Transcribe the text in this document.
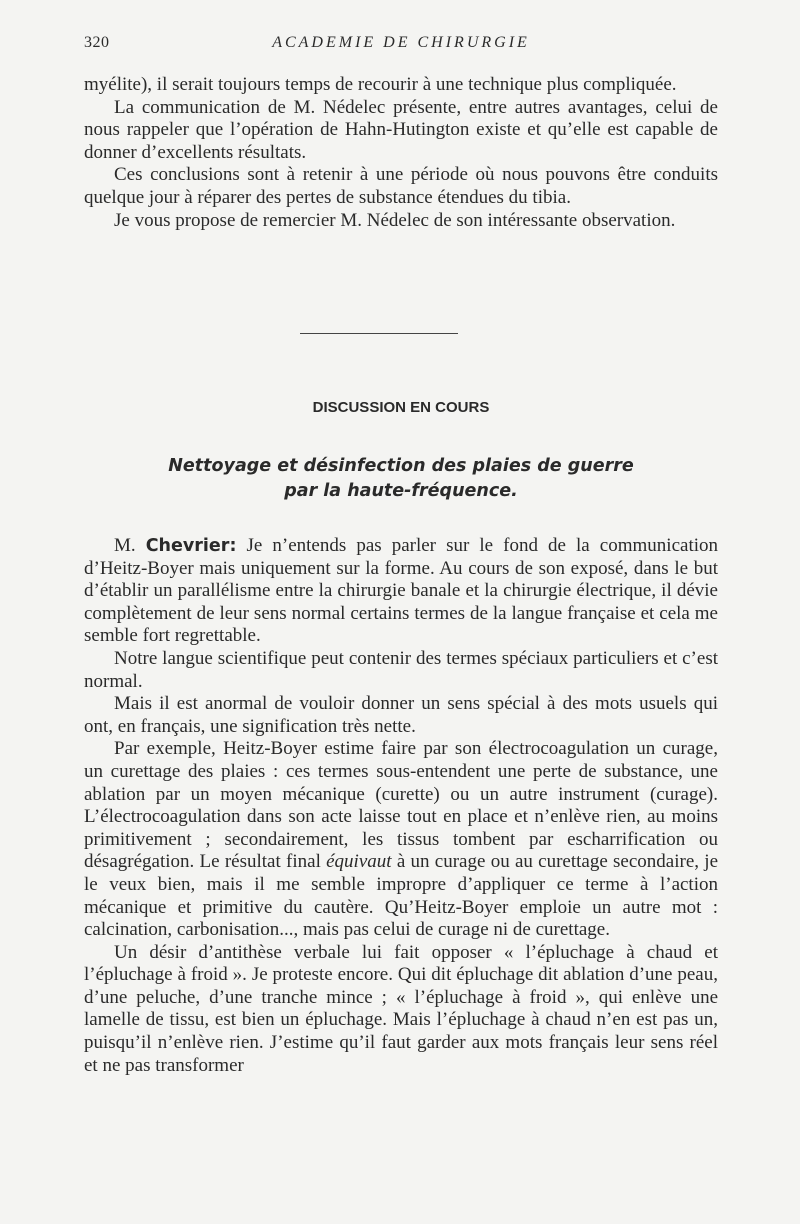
320	ACADEMIE DE CHIRURGIE

myélite), il serait toujours temps de recourir à une technique plus compliquée.

La communication de M. Nédelec présente, entre autres avantages, celui de nous rappeler que l’opération de Hahn-Hutington existe et qu’elle est capable de donner d’excellents résultats.

Ces conclusions sont à retenir à une période où nous pouvons être conduits quelque jour à réparer des pertes de substance étendues du tibia.

Je vous propose de remercier M. Nédelec de son intéressante observation.

DISCUSSION EN COURS
Nettoyage et désinfection des plaies de guerre
par la haute-fréquence.

M. Chevrier: Je n’entends pas parler sur le fond de la communication d’Heitz-Boyer mais uniquement sur la forme. Au cours de son exposé, dans le but d’établir un parallélisme entre la chirurgie banale et la chirurgie électrique, il dévie complètement de leur sens normal certains termes de la langue française et cela me semble fort regrettable.

Notre langue scientifique peut contenir des termes spéciaux particuliers et c’est normal.

Mais il est anormal de vouloir donner un sens spécial à des mots usuels qui ont, en français, une signification très nette.

Par exemple, Heitz-Boyer estime faire par son électrocoagulation un curage, un curettage des plaies : ces termes sous-entendent une perte de substance, une ablation par un moyen mécanique (curette) ou un autre instrument (curage). L’électrocoagulation dans son acte laisse tout en place et n’enlève rien, au moins primitivement ; secondairement, les tissus tombent par escharrification ou désagrégation. Le résultat final équivaut à un curage ou au curettage secondaire, je le veux bien, mais il me semble impropre d’appliquer ce terme à l’action mécanique et primitive du cautère. Qu’Heitz-Boyer emploie un autre mot : calcination, carbonisation..., mais pas celui de curage ni de curettage.

Un désir d’antithèse verbale lui fait opposer « l’épluchage à chaud et l’épluchage à froid ». Je proteste encore. Qui dit épluchage dit ablation d’une peau, d’une peluche, d’une tranche mince ; « l’épluchage à froid », qui enlève une lamelle de tissu, est bien un épluchage. Mais l’épluchage à chaud n’en est pas un, puisqu’il n’enlève rien. J’estime qu’il faut garder aux mots français leur sens réel et ne pas transformer
